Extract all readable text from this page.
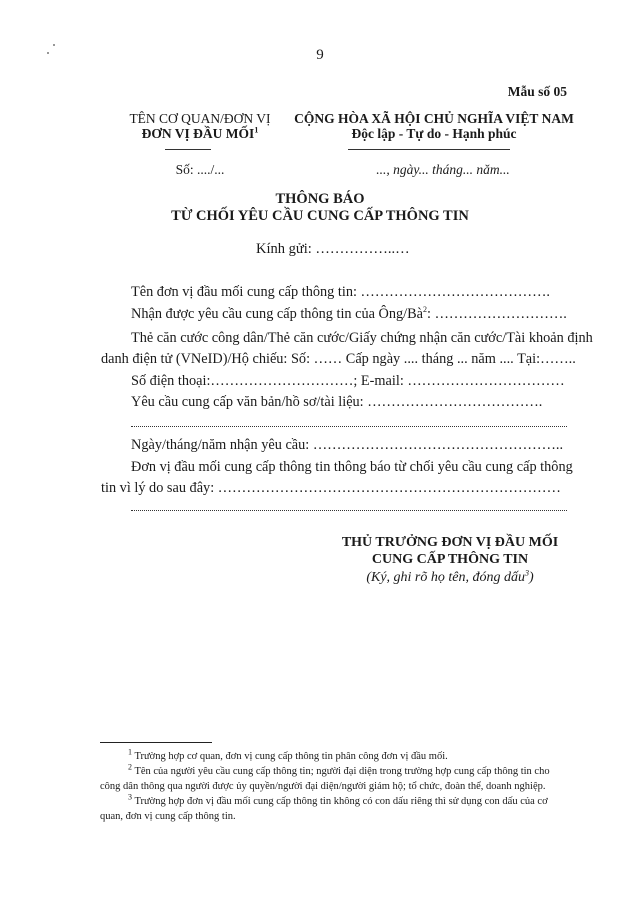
9
Mẫu số 05
TÊN CƠ QUAN/ĐƠN VỊ
ĐƠN VỊ ĐẦU MỐI$^1$
CỘNG HÒA XÃ HỘI CHỦ NGHĨA VIỆT NAM
Độc lập - Tự do - Hạnh phúc
Số: ..../...	..., ngày... tháng... năm...
THÔNG BÁO
TỪ CHỐI YÊU CẦU CUNG CẤP THÔNG TIN
Kính gửi: ……………..…
Tên đơn vị đầu mối cung cấp thông tin: ………………………………….
Nhận được yêu cầu cung cấp thông tin của Ông/$Bà^2$: ……………………….
Thẻ căn cước công dân/Thẻ căn cước/Giấy chứng nhận căn cước/Tài khoản định
danh điện tử (VNeID)/Hộ chiếu: Số: …… Cấp ngày .... tháng ... năm .... Tại:……..
Số điện thoại:…………………………; E-mail: ……………………………
Yêu cầu cung cấp văn bản/hồ sơ/tài liệu: ……………………………….
Ngày/tháng/năm nhận yêu cầu: ……………………………………………..
Đơn vị đầu mối cung cấp thông tin thông báo từ chối yêu cầu cung cấp thông
tin vì lý do sau đây: ………………………………………………………………
THỦ TRƯỞNG ĐƠN VỊ ĐẦU MỐI
CUNG CẤP THÔNG TIN
(Ký, ghi rõ họ tên, đóng dấu$^3$)

$^1$ Trường hợp cơ quan, đơn vị cung cấp thông tin phân công đơn vị đầu mối.

$^2$ Tên của người yêu cầu cung cấp thông tin; người đại diện trong trường hợp cung cấp thông tin cho công dân thông qua người được ủy quyền/người đại diện/người giám hộ; tổ chức, đoàn thể, doanh nghiệp.

$^3$ Trường hợp đơn vị đầu mối cung cấp thông tin không có con dấu riêng thì sử dụng con dấu của cơ quan, đơn vị cung cấp thông tin.
